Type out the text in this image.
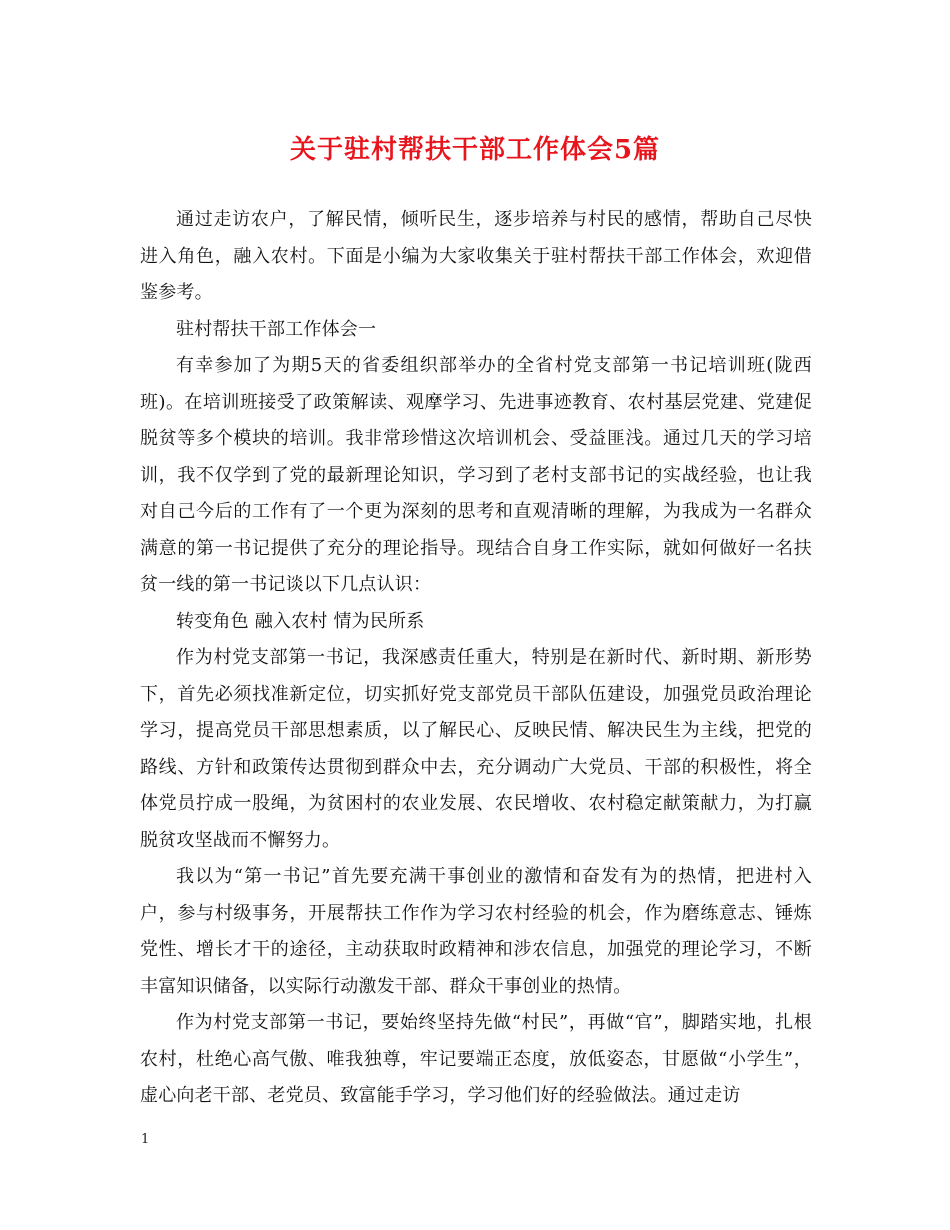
关于驻村帮扶干部工作体会5篇

通过走访农户，了解民情，倾听民生，逐步培养与村民的感情，帮助自己尽快进入角色，融入农村。下面是小编为大家收集关于驻村帮扶干部工作体会，欢迎借鉴参考。

驻村帮扶干部工作体会一

有幸参加了为期5天的省委组织部举办的全省村党支部第一书记培训班(陇西班)。在培训班接受了政策解读、观摩学习、先进事迹教育、农村基层党建、党建促脱贫等多个模块的培训。我非常珍惜这次培训机会、受益匪浅。通过几天的学习培训，我不仅学到了党的最新理论知识，学习到了老村支部书记的实战经验，也让我对自己今后的工作有了一个更为深刻的思考和直观清晰的理解，为我成为一名群众满意的第一书记提供了充分的理论指导。现结合自身工作实际，就如何做好一名扶贫一线的第一书记谈以下几点认识：

转变角色 融入农村 情为民所系

作为村党支部第一书记，我深感责任重大，特别是在新时代、新时期、新形势下，首先必须找准新定位，切实抓好党支部党员干部队伍建设，加强党员政治理论学习，提高党员干部思想素质，以了解民心、反映民情、解决民生为主线，把党的路线、方针和政策传达贯彻到群众中去，充分调动广大党员、干部的积极性，将全体党员拧成一股绳，为贫困村的农业发展、农民增收、农村稳定献策献力，为打赢脱贫攻坚战而不懈努力。

我以为“第一书记”首先要充满干事创业的激情和奋发有为的热情，把进村入户，参与村级事务，开展帮扶工作作为学习农村经验的机会，作为磨练意志、锤炼党性、增长才干的途径，主动获取时政精神和涉农信息，加强党的理论学习，不断丰富知识储备，以实际行动激发干部、群众干事创业的热情。

作为村党支部第一书记，要始终坚持先做“村民”，再做“官”，脚踏实地，扎根农村，杜绝心高气傲、唯我独尊，牢记要端正态度，放低姿态，甘愿做“小学生”，虚心向老干部、老党员、致富能手学习，学习他们好的经验做法。通过走访

1
